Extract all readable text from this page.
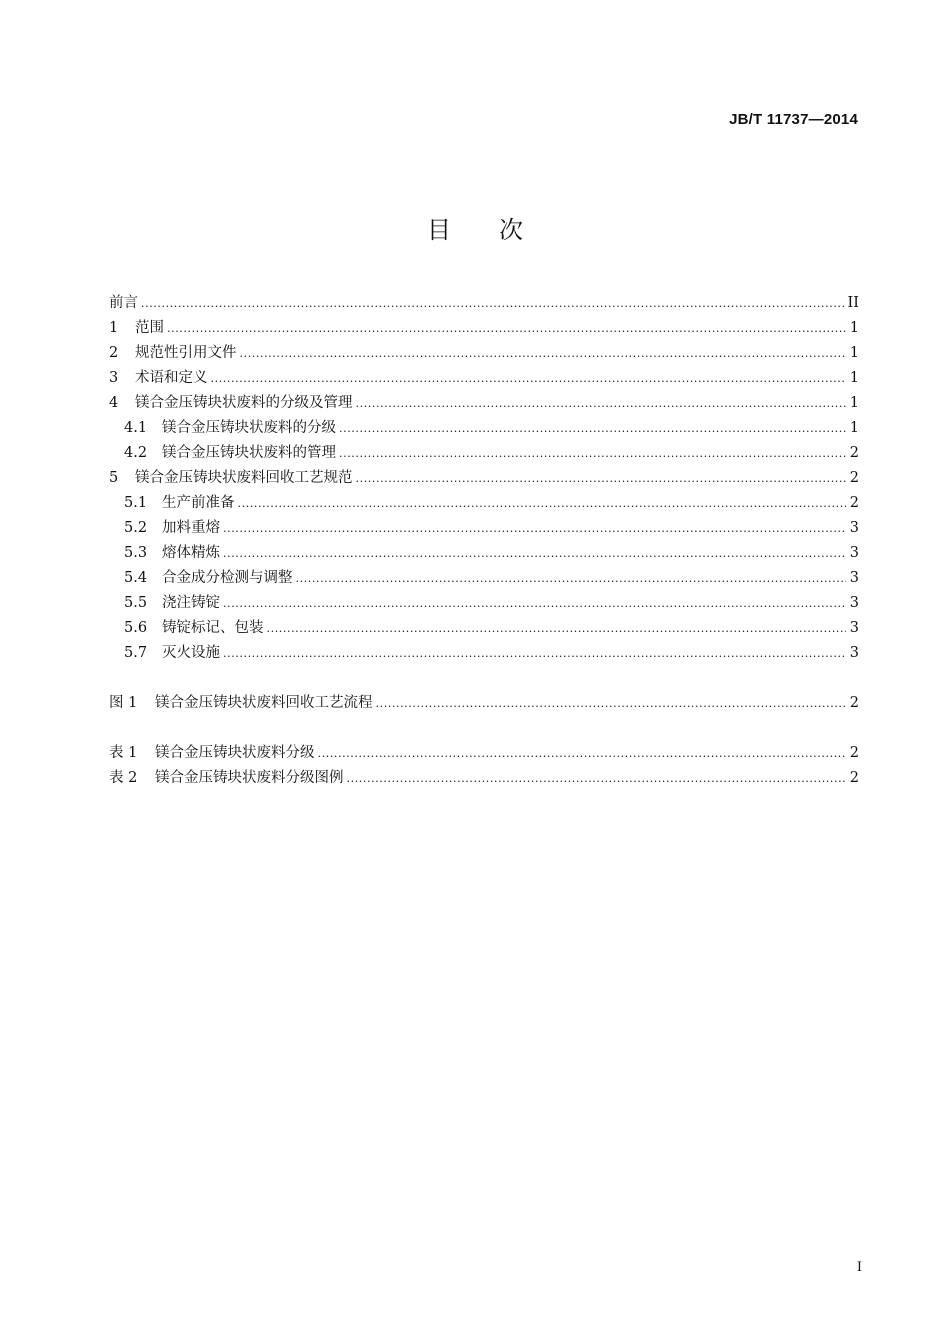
JB/T 11737—2014
目次
前言 .....	II
1	范围 .....	1
2	规范性引用文件 .....	1
3	术语和定义 .....	1
4	镁合金压铸块状废料的分级及管理 .....	1
4.1	镁合金压铸块状废料的分级 .....	1
4.2	镁合金压铸块状废料的管理 .....	2
5	镁合金压铸块状废料回收工艺规范 .....	2
5.1	生产前准备 .....	2
5.2	加料重熔 .....	3
5.3	熔体精炼 .....	3
5.4	合金成分检测与调整 .....	3
5.5	浇注铸锭 .....	3
5.6	铸锭标记、包装 .....	3
5.7	灭火设施 .....	3
图 1	镁合金压铸块状废料回收工艺流程 .....	2
表 1	镁合金压铸块状废料分级 .....	2
表 2	镁合金压铸块状废料分级图例 .....	2
I
